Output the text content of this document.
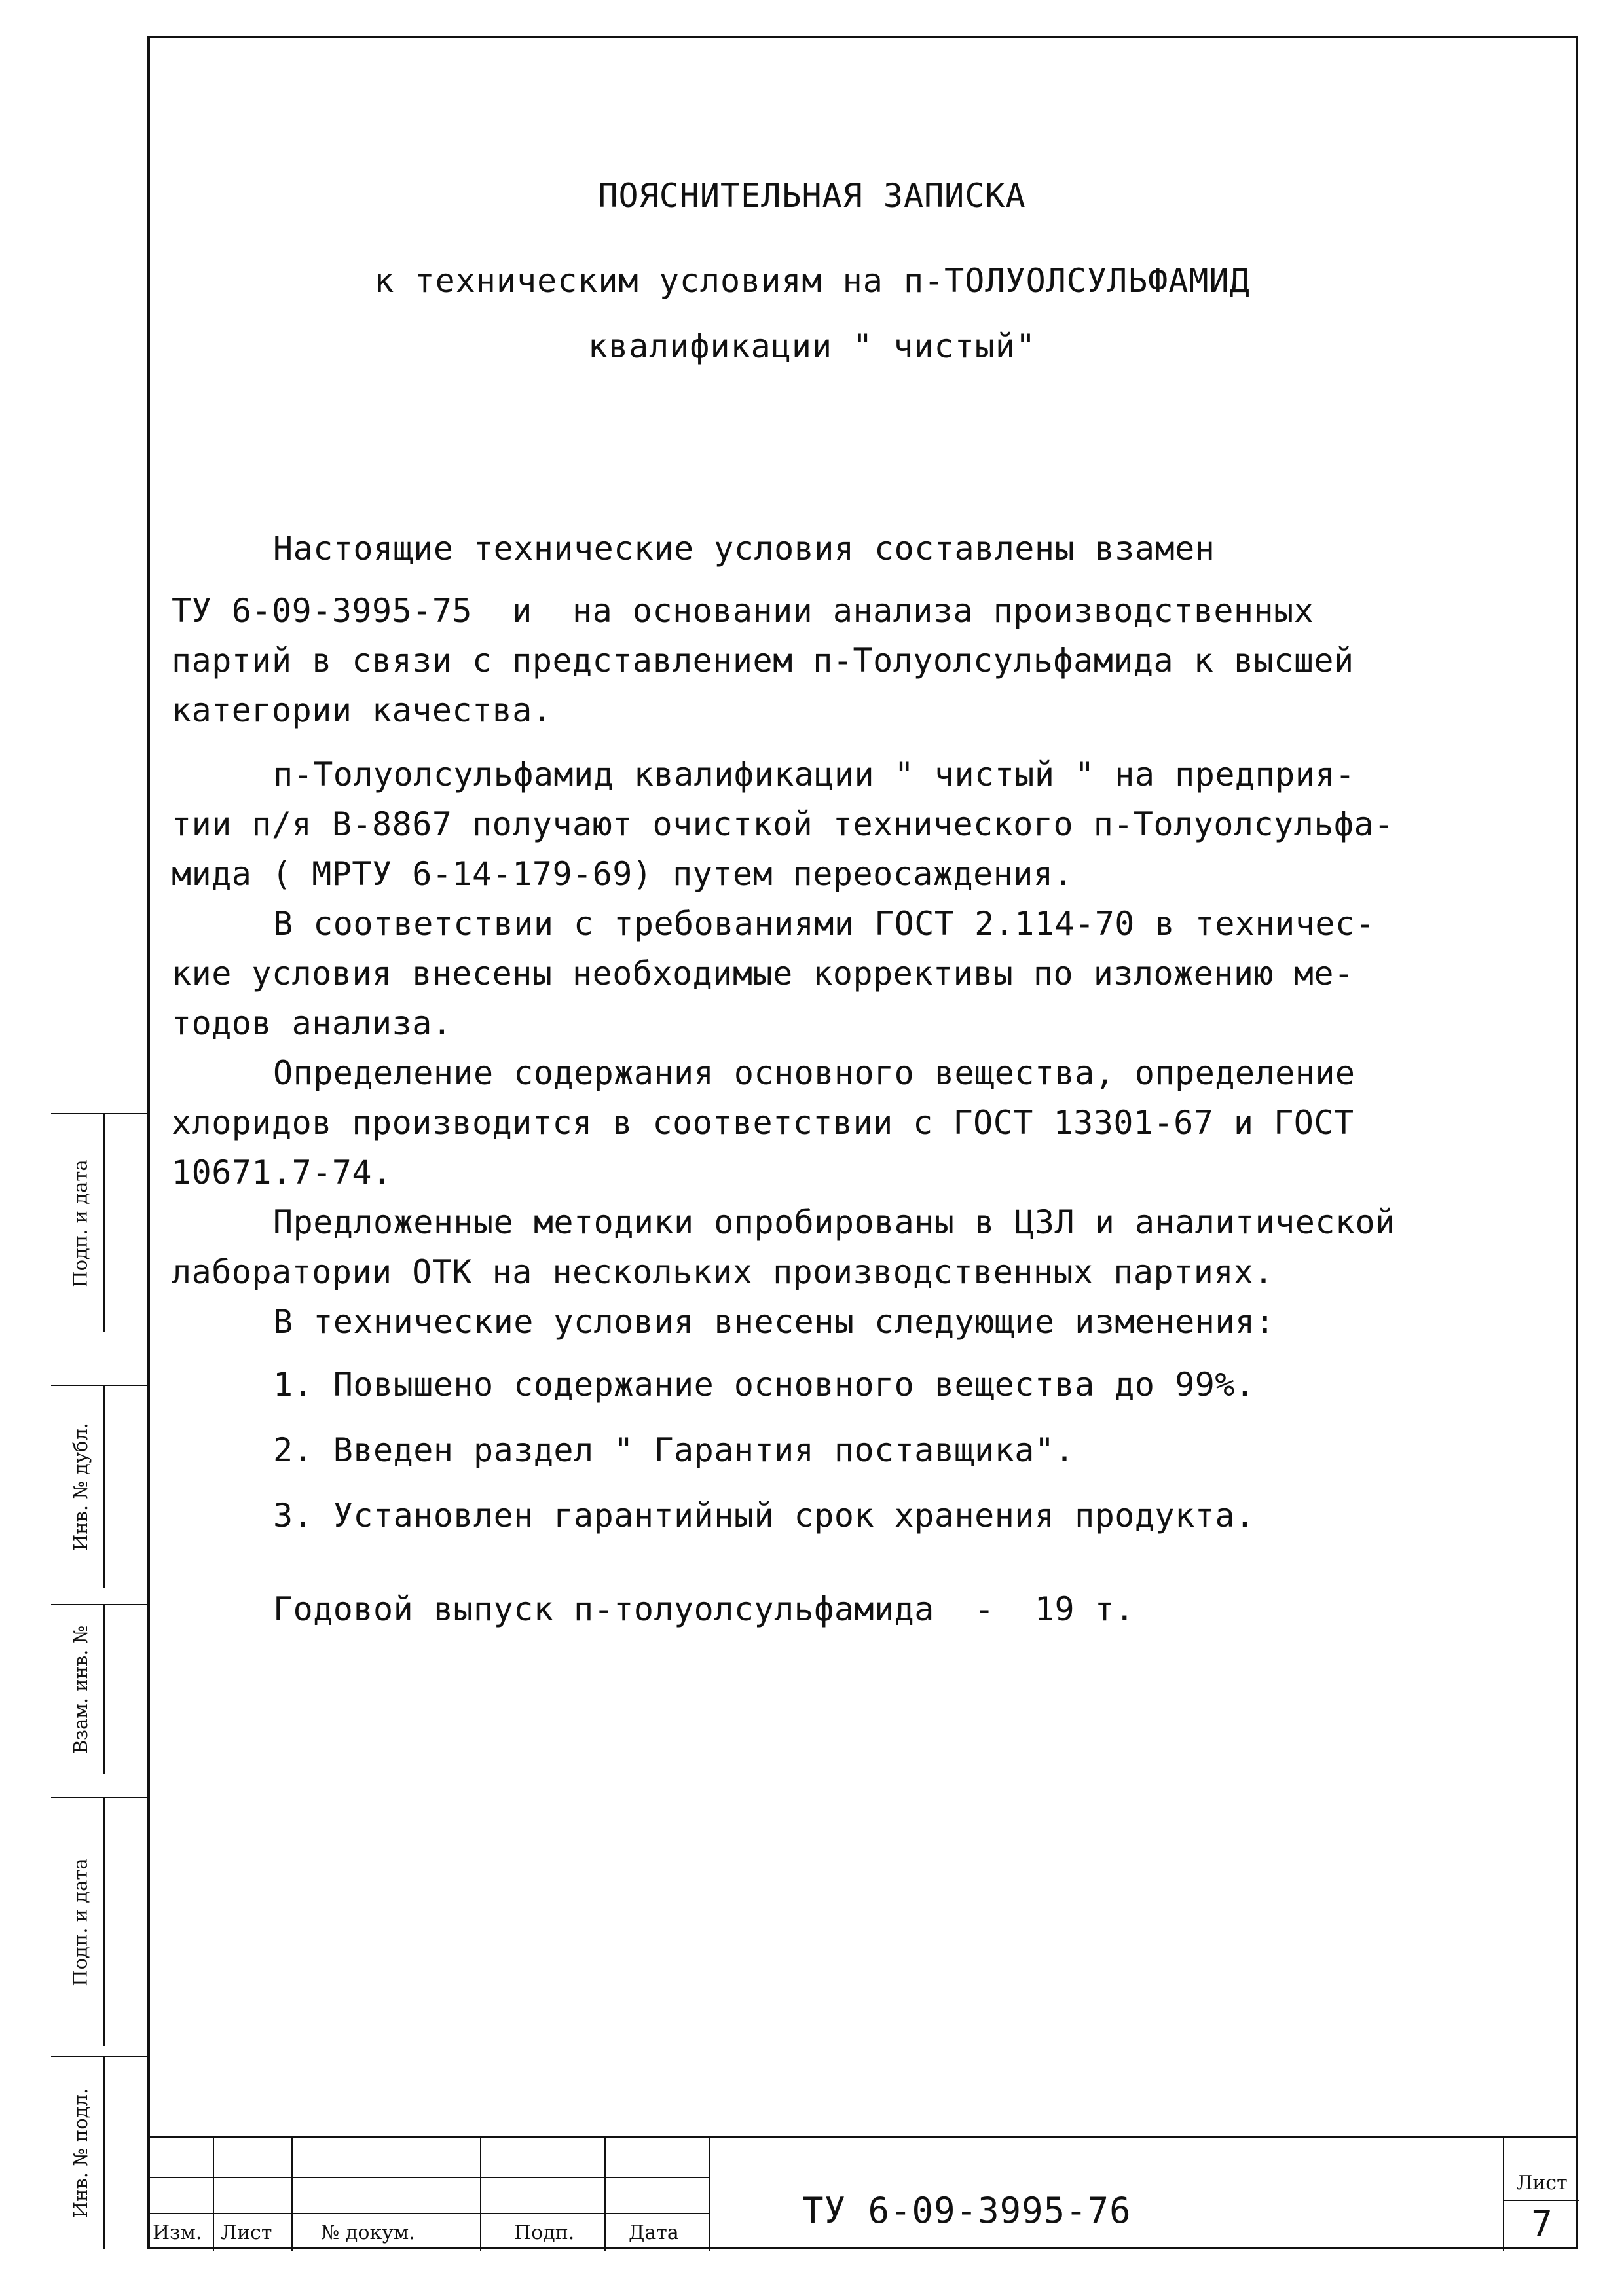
ПОЯСНИТЕЛЬНАЯ ЗАПИСКА
к техническим условиям на п-ТОЛУОЛСУЛЬФАМИД
квалификации " чистый"

Настоящие технические условия составлены взамен

ТУ 6-09-3995-75  и  на основании анализа производственных

партий в связи с представлением п-Толуолсульфамида к высшей

категории качества.

п-Толуолсульфамид квалификации " чистый " на предприя-

тии п/я В-8867 получают очисткой технического п-Толуолсульфа-

мида ( МРТУ 6-14-179-69) путем переосаждения.

В соответствии с требованиями ГОСТ 2.114-70 в техничес-

кие условия внесены необходимые коррективы по изложению ме-

тодов анализа.

Определение содержания основного вещества, определение

хлоридов производится в соответствии с ГОСТ 13301-67 и ГОСТ

10671.7-74.

Предложенные методики опробированы в ЦЗЛ и аналитической

лаборатории ОТК на нескольких производственных партиях.

В технические условия внесены следующие изменения:

1. Повышено содержание основного вещества до 99%.

2. Введен раздел " Гарантия поставщика".

3. Установлен гарантийный срок хранения продукта.

Годовой выпуск п-толуолсульфамида  -  19 т.

Подп. и дата
Инв. № дубл.
Взам. инв. №
Подп. и дата
Инв. № подл.
Изм. Лист № докум.	Подп.	Дата
ТУ 6-09-3995-76
Лист
7
